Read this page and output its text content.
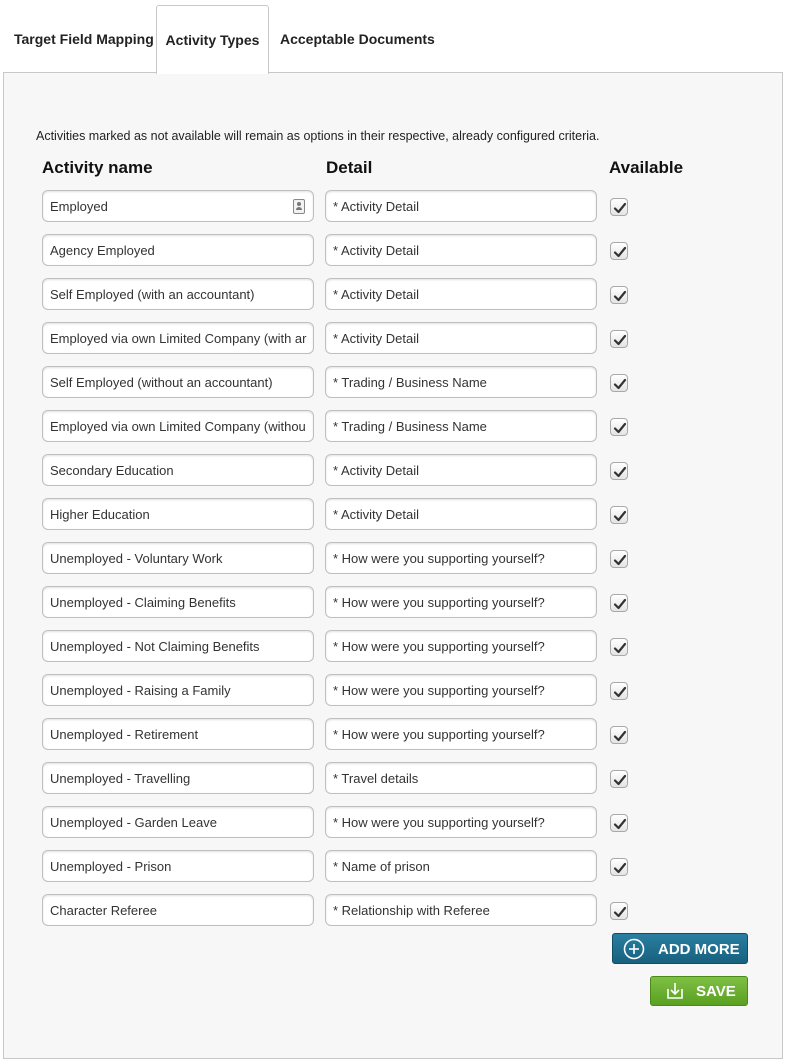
Target Field Mapping Activity Types	Acceptable Documents
Activities marked as not available will remain as options in their respective, already configured criteria.
Activity name	Detail	Available
Employed	* Activity Detail
Agency Employed	* Activity Detail
Self Employed (with an accountant)	* Activity Detail
Employed via own Limited Company (with ar	* Activity Detail
Self Employed (without an accountant)	* Trading / Business Name
Employed via own Limited Company (withou	* Trading / Business Name
Secondary Education	* Activity Detail
Higher Education	* Activity Detail
Unemployed - Voluntary Work	* How were you supporting yourself?
Unemployed - Claiming Benefits	* How were you supporting yourself?
Unemployed - Not Claiming Benefits	* How were you supporting yourself?
Unemployed - Raising a Family	* How were you supporting yourself?
Unemployed - Retirement	* How were you supporting yourself?
Unemployed - Travelling	* Travel details
Unemployed - Garden Leave	* How were you supporting yourself?
Unemployed - Prison	* Name of prison
Character Referee	* Relationship with Referee
ADD MORE
SAVE
